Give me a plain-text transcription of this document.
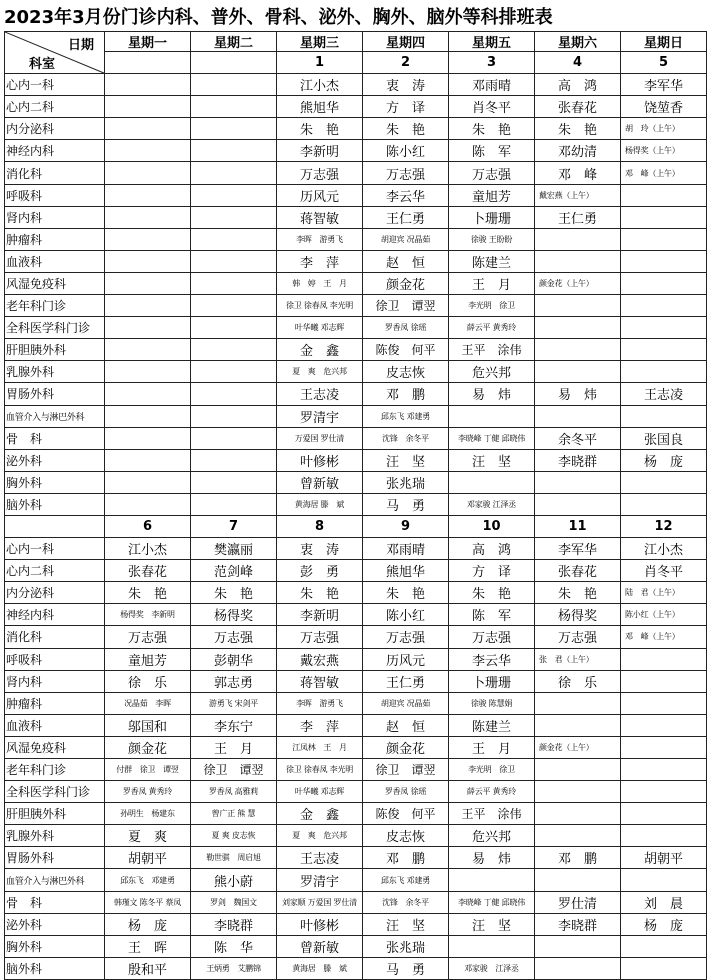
2023年3月份门诊内科、普外、骨科、泌外、胸外、脑外等科排班表
日期
科室	星期一	星期二	星期三	星期四	星期五	星期六	星期日
			1	2	3	4	5
心内一科			江小杰	衷　涛	邓雨晴	高　鸿	李军华
心内二科			熊旭华	方　译	肖冬平	张春花	饶堃香
内分泌科			朱　艳	朱　艳	朱　艳	朱　艳	胡　玲（上午）
神经内科			李新明	陈小红	陈　军	邓幼清	杨得奖（上午）
消化科			万志强	万志强	万志强	邓　峰	邓　峰（上午）
呼吸科			历风元	李云华	童旭芳	戴宏燕（上午）	
肾内科			蒋智敏	王仁勇	卜珊珊	王仁勇	
肿瘤科			李晖　游勇飞	胡迎宾 况晶茹	徐骏 王盼盼		
血液科			李　萍	赵　恒	陈建兰		
风湿免疫科			韩　婷　王　月	颜金花	王　月	颜金花（上午）	
老年科门诊			徐卫 徐春凤 李光明	徐卫　谭翌	李光明　徐卫		
全科医学科门诊			叶华曦 邓志辉	罗香凤 徐瑶	薛云平 黄秀玲		
肝胆胰外科			金　鑫	陈俊　何平	王平　涂伟		
乳腺外科			夏　爽　危兴邦	皮志恢	危兴邦		
胃肠外科			王志凌	邓　鹏	易　炜	易　炜	王志凌
血管介入与淋巴外科			罗清宇	邱东飞 邓建勇			
骨　科			万爱国 罗仕清	沈锋　余冬平	李晓峰 丁健 邱晓伟	余冬平	张国良
泌外科			叶修彬	汪　坚	汪　坚	李晓群	杨　庞
胸外科			曾新敏	张兆瑞			
脑外科			黄海居 滕　斌	马　勇	邓家骏 江泽丞		
	6	7	8	9	10	11	12
心内一科	江小杰	樊瀛丽	衷　涛	邓雨晴	高　鸿	李军华	江小杰
心内二科	张春花	范剑峰	彭　勇	熊旭华	方　译	张春花	肖冬平
内分泌科	朱　艳	朱　艳	朱　艳	朱　艳	朱　艳	朱　艳	陆　君（上午）
神经内科	杨得奖　李新明	杨得奖	李新明	陈小红	陈　军	杨得奖	陈小红（上午）
消化科	万志强	万志强	万志强	万志强	万志强	万志强	邓　峰（上午）
呼吸科	童旭芳	彭朝华	戴宏燕	历风元	李云华	张　君（上午）	
肾内科	徐　乐	郭志勇	蒋智敏	王仁勇	卜珊珊	徐　乐	
肿瘤科	况晶茹　李晖	游勇飞 宋剑平	李晖　游勇飞	胡迎宾 况晶茹	徐骏 陈慧娟		
血液科	邬国和	李东宁	李　萍	赵　恒	陈建兰		
风湿免疫科	颜金花	王　月	江凤林　王　月	颜金花	王　月	颜金花（上午）	
老年科门诊	付群　徐卫　谭翌	徐卫　谭翌	徐卫 徐春凤 李光明	徐卫　谭翌	李光明　徐卫		
全科医学科门诊	罗香凤 黄秀玲	罗香凤 高雅莉	叶华曦 邓志辉	罗香凤 徐瑶	薛云平 黄秀玲		
肝胆胰外科	孙明生　杨建东	曾广正 熊 慧	金　鑫	陈俊　何平	王平　涂伟		
乳腺外科	夏　爽	夏 爽 皮志恢	夏　爽　危兴邦	皮志恢	危兴邦		
胃肠外科	胡朝平	勒世骐　周启旭	王志凌	邓　鹏	易　炜	邓　鹏	胡朝平
血管介入与淋巴外科	邱东飞　邓建勇	熊小蔚	罗清宇	邱东飞 邓建勇			
骨　科	韩瑾文 陈冬平 蔡凤	罗剑　魏国文	刘家顺 万爱国 罗仕清	沈锋　余冬平	李晓峰 丁健 邱晓伟	罗仕清	刘　晨
泌外科	杨　庞	李晓群	叶修彬	汪　坚	汪　坚	李晓群	杨　庞
胸外科	王　晖	陈　华	曾新敏	张兆瑞			
脑外科	殷和平	王炳勇　艾鹏锦	黄海居　滕　斌	马　勇	邓家骏　江泽丞		
